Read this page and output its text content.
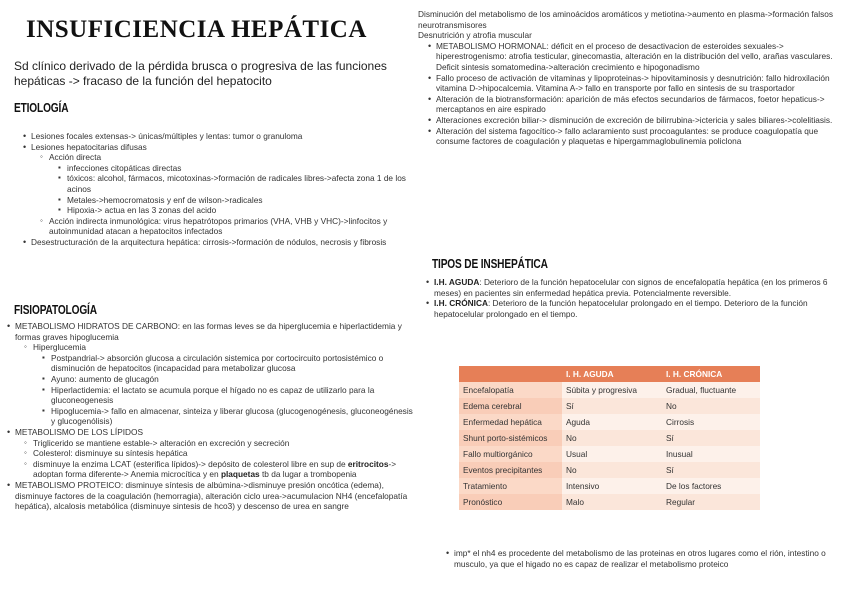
INSUFICIENCIA HEPÁTICA
Sd clínico derivado de la pérdida brusca o progresiva de las funciones hepáticas -> fracaso de la función del hepatocito
ETIOLOGÍA
• Lesiones focales extensas-> únicas/múltiples y lentas: tumor o granuloma
• Lesiones hepatocitarias difusas
◦ Acción directa
▪ infecciones citopáticas directas
▪ tóxicos: alcohol, fármacos, micotoxinas->formación de radicales libres->afecta zona 1 de los acinos
▪ Metales->hemocromatosis y enf de wilson->radicales
▪ Hipoxia-> actua en las 3 zonas del acido
◦ Acción indirecta inmunológica: virus hepatrótopos primarios (VHA, VHB y VHC)->linfocitos y autoinmunidad atacan a hepatocitos infectados
• Desestructuración de la arquitectura hepática: cirrosis->formación de nódulos, necrosis y fibrosis
FISIOPATOLOGÍA
• METABOLISMO HIDRATOS DE CARBONO: en las formas leves se da hiperglucemia e hiperlactidemia y formas graves hipoglucemia
◦ Hiperglucemia
▪ Postpandrial-> absorción glucosa a circulación sistemica por cortocircuito portosistémico o disminución de hepatocitos (incapacidad para metabolizar glucosa
▪ Ayuno: aumento de glucagón
▪ Hiperlactidemia: el lactato se acumula porque el hígado no es capaz de utilizarlo para la gluconeogenesis
▪ Hipoglucemia-> fallo en almacenar, sinteiza y liberar glucosa (glucogenogénesis, gluconeogénesis y glucogenólisis)
• METABOLISMO DE LOS LÍPIDOS
◦ Triglicerido se mantiene estable-> alteración en excreción y secreción
◦ Colesterol: disminuye su síntesis hepática
◦ disminuye la enzima LCAT (esterifica lípidos)-> depósito de colesterol libre en sup de eritrocitos-> adoptan forma diferente-> Anemia microcítica y en plaquetas tb da lugar a trombopenia
• METABOLISMO PROTEICO: disminuye síntesis de albúmina->disminuye presión oncótica (edema), disminuye factores de la coagulación (hemorragia), alteración ciclo urea->acumulacion NH4 (encefalopatía hepática), alcalosis metabólica (disminuye sintesis de hco3) y descenso de urea en sangre
Disminución del metabolismo de los aminoácidos aromáticos y metiotina->aumento en plasma->formación falsos neurotransmisores
Desnutrición y atrofia muscular
• METABOLISMO HORMONAL: déficit en el proceso de desactivacion de esteroides sexuales-> hiperestrogenismo: atrofia testicular, ginecomastia, alteración en la distribución del vello, arañas vasculares. Deficit sintesis somatomedina->alteración crecimiento e hipogonadismo
• Fallo proceso de activación de vitaminas y lipoproteinas-> hipovitaminosis y desnutrición: fallo hidroxilación vitamina D->hipocalcemia. Vitamina A-> fallo en transporte por fallo en sintesis de su trasportador
• Alteración de la biotransformación: aparición de más efectos secundarios de fármacos, foetor hepaticus-> mercaptanos en aire espirado
• Alteraciones excreción biliar-> disminución de excreción de bilirrubina->ictericia y sales biliares->colelitiasis.
• Alteración del sistema fagocítico-> fallo aclaramiento sust procoagulantes: se produce coagulopatía que consume factores de coagulación y plaquetas e hipergammaglobulinemia policlona
TIPOS DE INSHEPÁTICA
• I.H. AGUDA: Deterioro de la función hepatocelular con signos de encefalopatía hepática (en los primeros 6 meses) en pacientes sin enfermedad hepática previa. Potencialmente reversible.
• I.H. CRÓNICA: Deterioro de la función hepatocelular prolongado en el tiempo. Deterioro de la función hepatocelular prolongado en el tiempo.
	I. H. AGUDA	I. H. CRÓNICA
Encefalopatía	Súbita y progresiva	Gradual, fluctuante
Edema cerebral	Sí	No
Enfermedad hepática	Aguda	Cirrosis
Shunt porto-sistémicos	No	Sí
Fallo multiorgánico	Usual	Inusual
Eventos precipitantes	No	Sí
Tratamiento	Intensivo	De los factores
Pronóstico	Malo	Regular
• imp* el nh4 es procedente del metabolismo de las proteinas en otros lugares como el rión, intestino o musculo, ya que el higado no es capaz de realizar el metabolismo proteico
